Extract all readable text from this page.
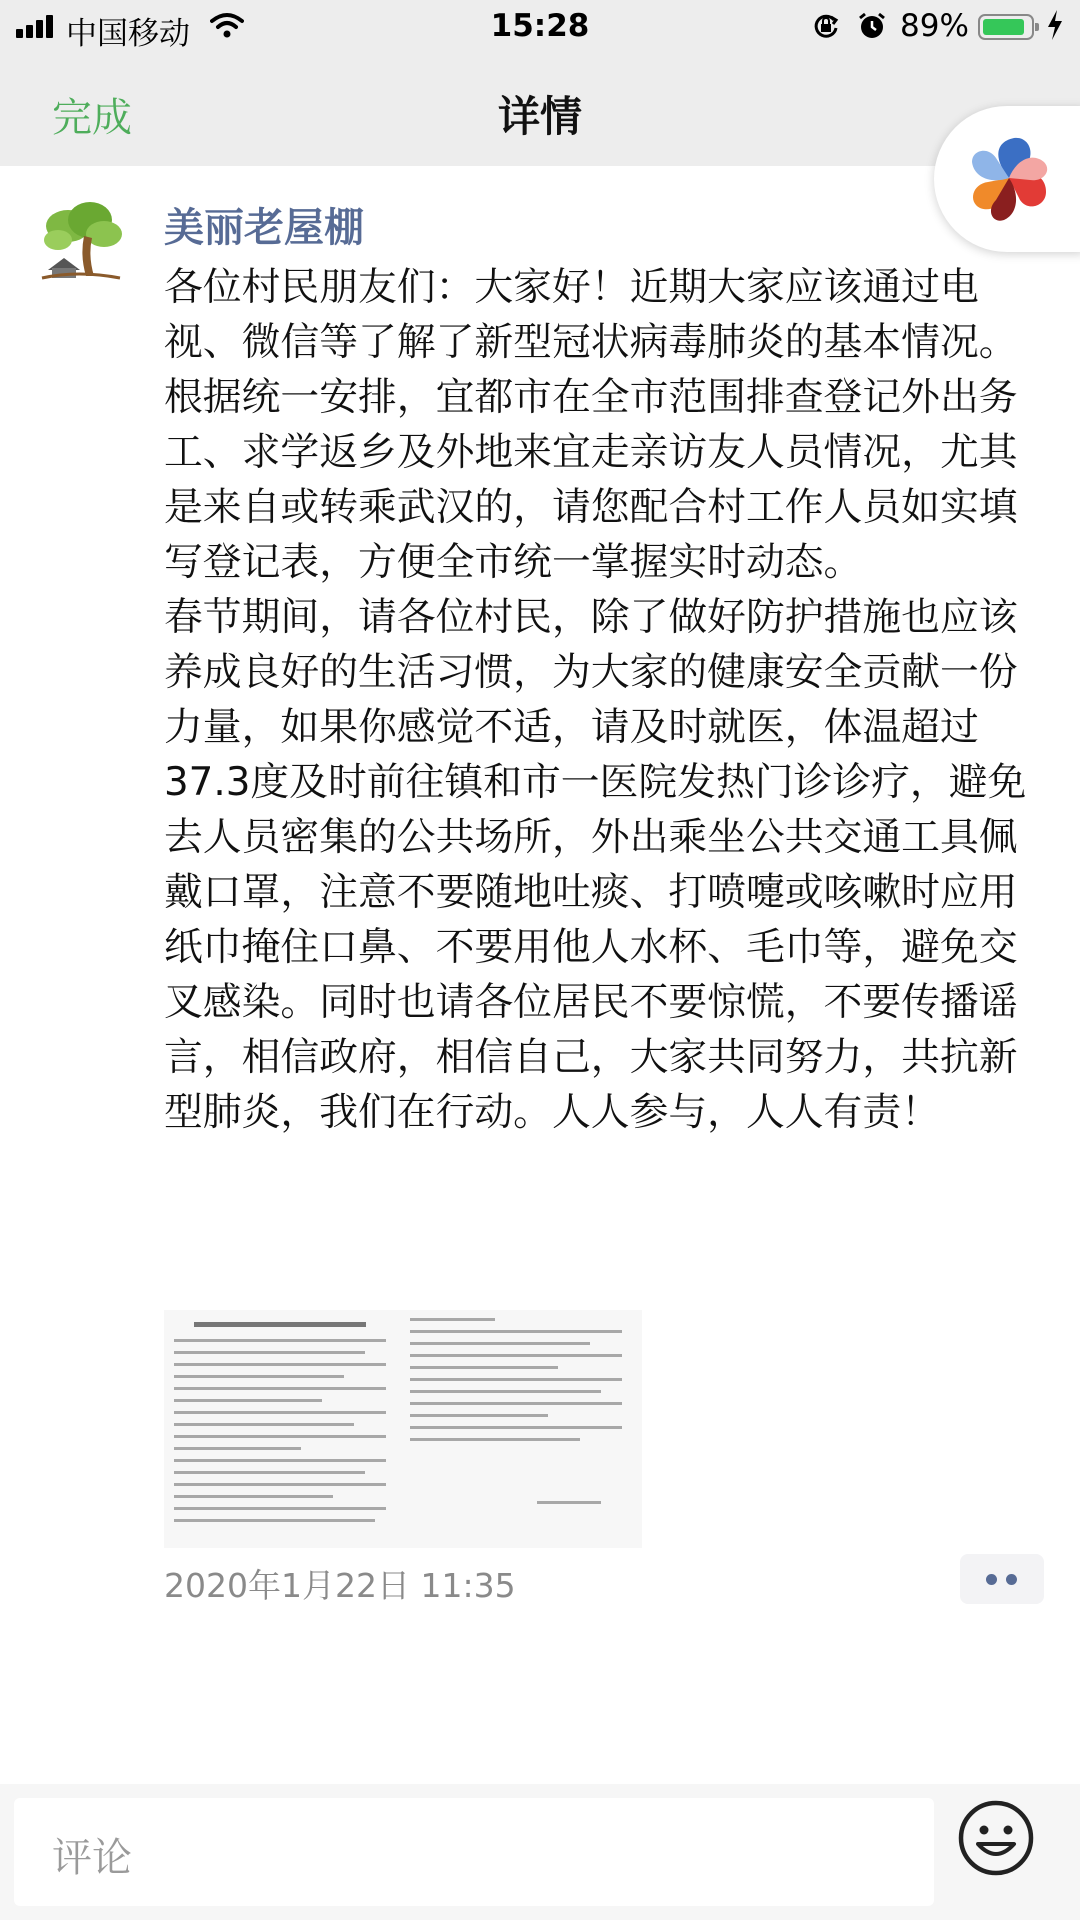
中国移动	15:28	89%
完成	详情
美丽老屋棚

各位村民朋友们：大家好！近期大家应该通过电视、微信等了解了新型冠状病毒肺炎的基本情况。根据统一安排，宜都市在全市范围排查登记外出务工、求学返乡及外地来宜走亲访友人员情况，尤其是来自或转乘武汉的，请您配合村工作人员如实填写登记表，方便全市统一掌握实时动态。

春节期间，请各位村民，除了做好防护措施也应该养成良好的生活习惯，为大家的健康安全贡献一份力量，如果你感觉不适，请及时就医，体温超过37.3度及时前往镇和市一医院发热门诊诊疗，避免去人员密集的公共场所，外出乘坐公共交通工具佩戴口罩，注意不要随地吐痰、打喷嚏或咳嗽时应用纸巾掩住口鼻、不要用他人水杯、毛巾等，避免交叉感染。同时也请各位居民不要惊慌，不要传播谣言，相信政府，相信自己，大家共同努力，共抗新型肺炎，我们在行动。人人参与，人人有责！

2020年1月22日 11:35
评论
